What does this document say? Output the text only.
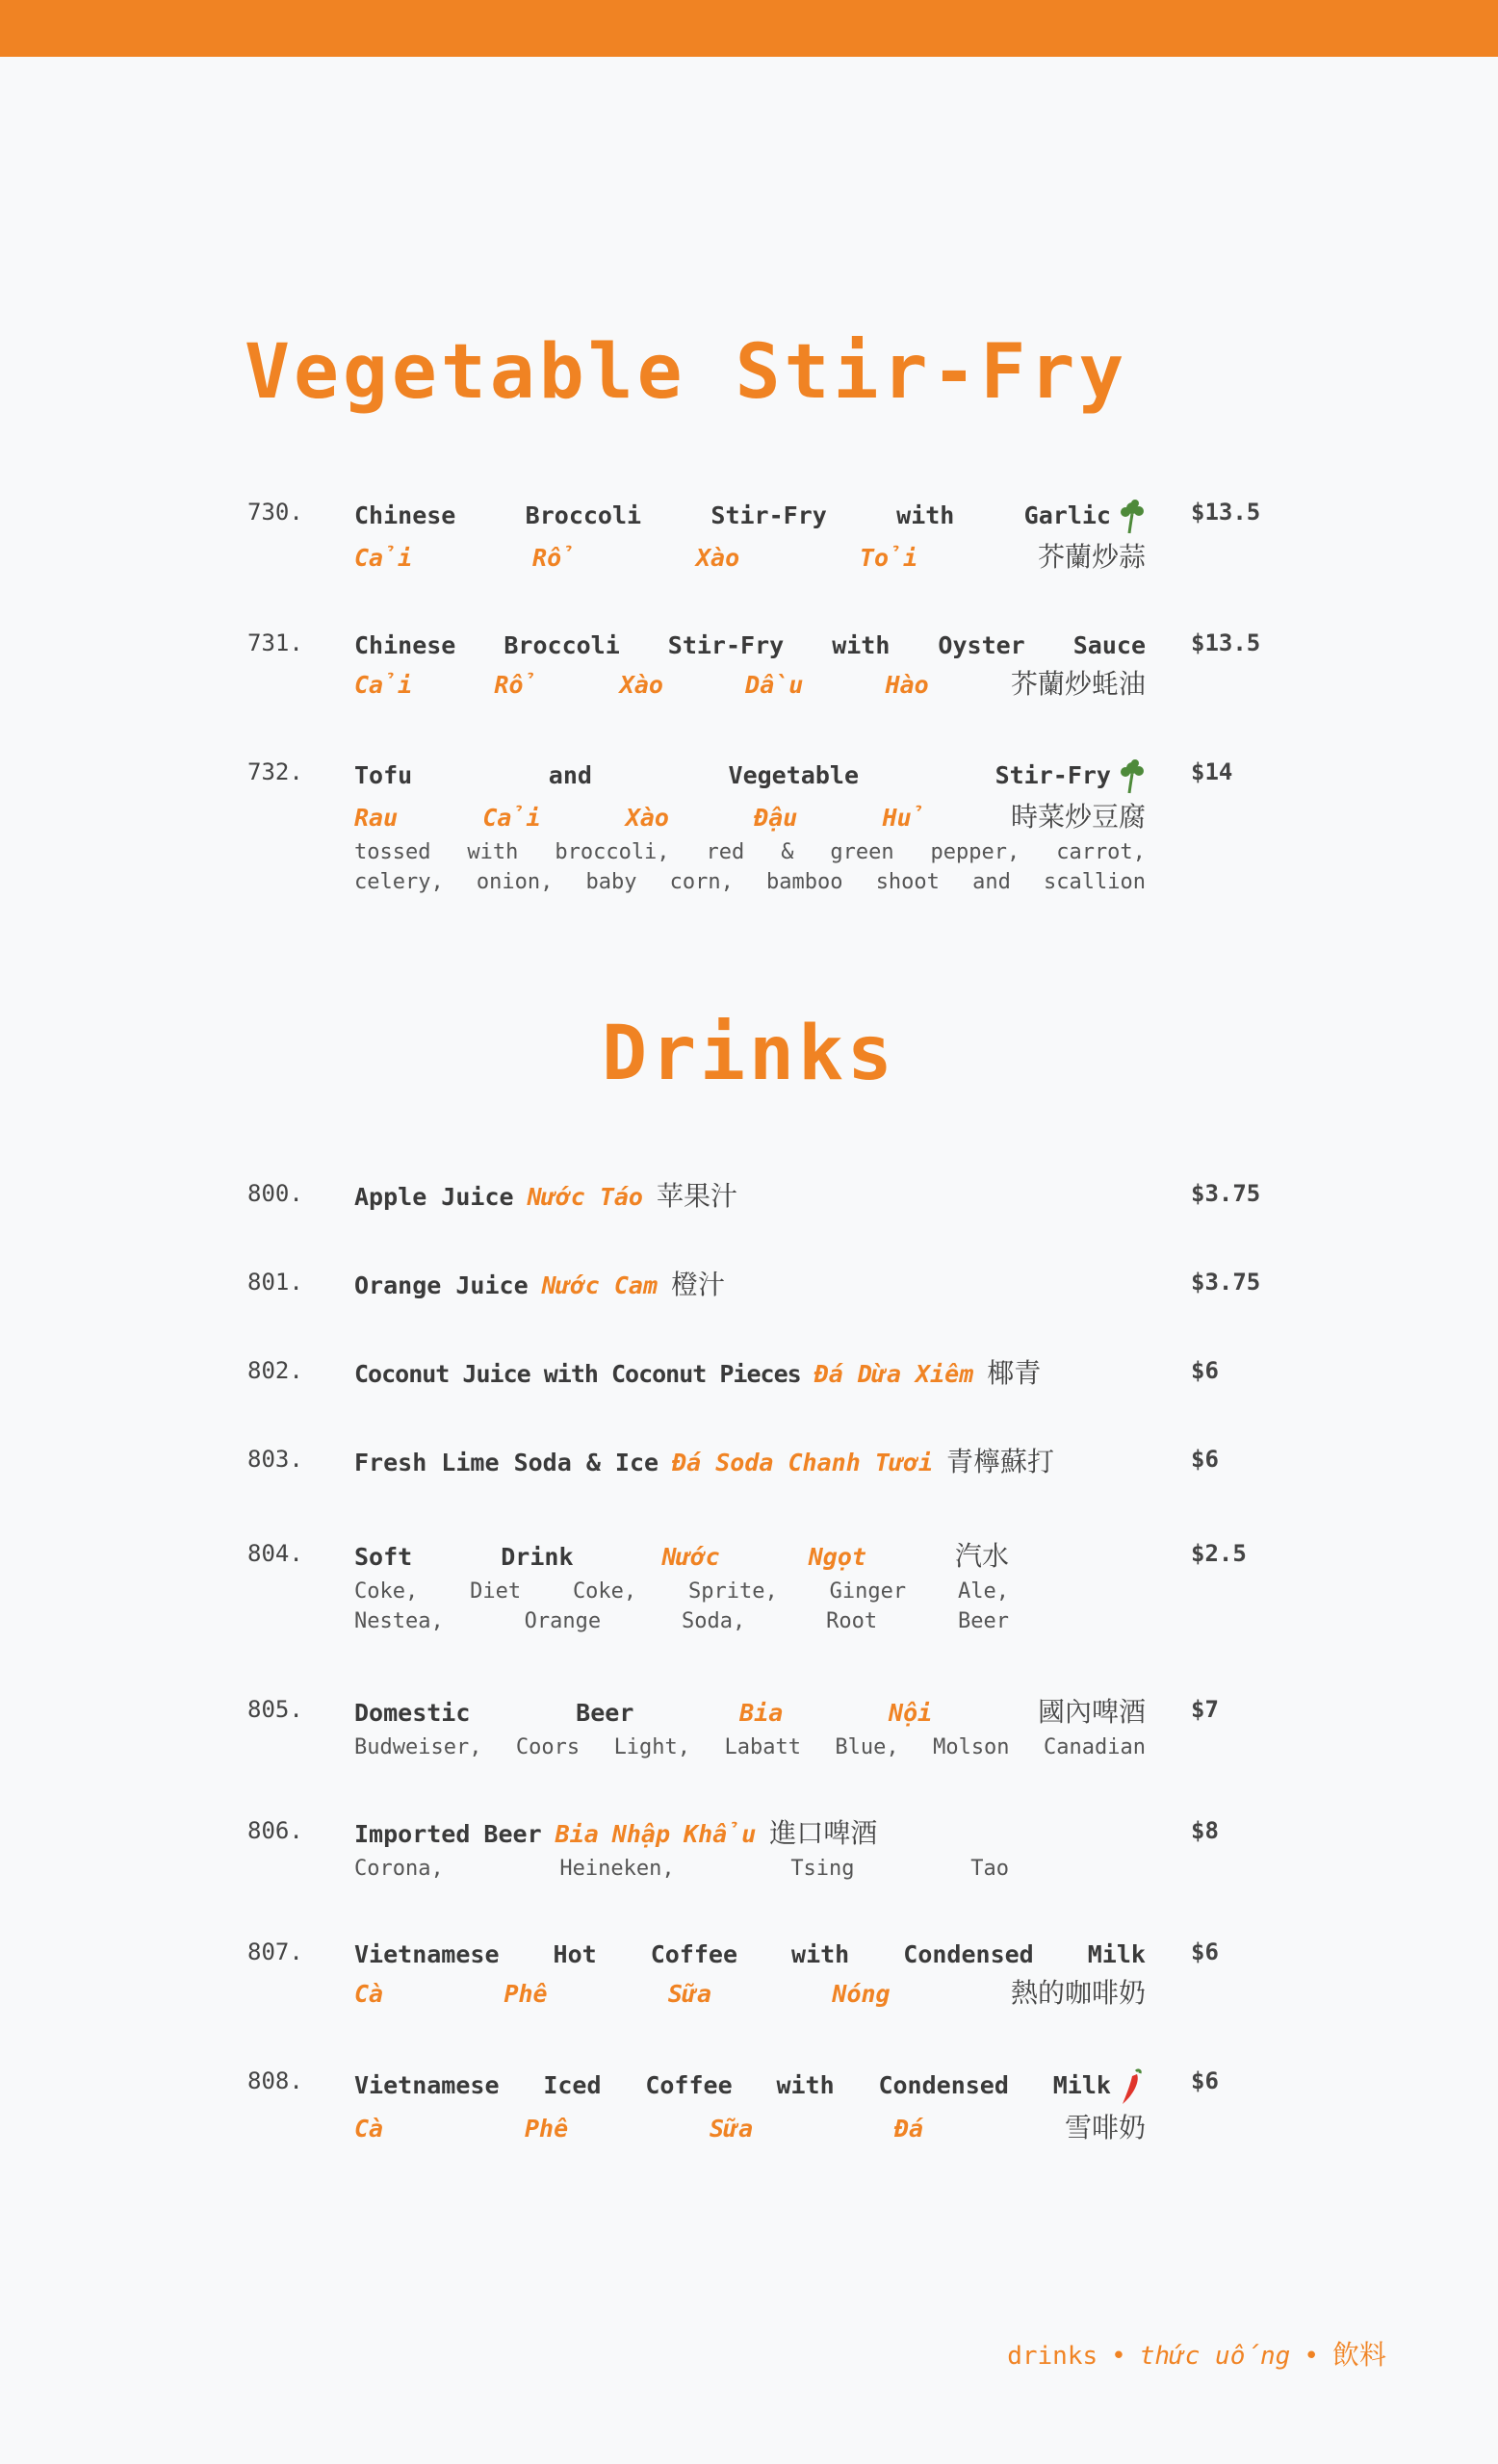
Vegetable Stir-Fry
730. Chinese	Broccoli	Stir-Fry	with	Garlic
Cải	Rổ	Xào	Tỏi	芥蘭炒蒜
$13.5
731. Chinese Broccoli Stir-Fry with Oyster Sauce
Cải	Rổ	Xào	Dầu	Hào	芥蘭炒蚝油
$13.5
732. Tofu	and	Vegetable	Stir-Fry
Rau	Cải	Xào	Đậu	Hủ	時菜炒豆腐
tossed with broccoli, red & green pepper, carrot,
celery, onion, baby corn, bamboo shoot and scallion
$14
Drinks
800. Apple Juice Nước Táo 苹果汁	$3.75
801. Orange Juice Nước Cam 橙汁	$3.75
802. Coconut Juice with Coconut Pieces Đá Dừa Xiêm 椰青	$6
803. Fresh Lime Soda & Ice Đá Soda Chanh Tươi 青檸蘇打	$6
804. Soft	Drink	Nước	Ngọt	汽水
Coke, Diet Coke, Sprite, Ginger Ale,
Nestea,	Orange	Soda,	Root	Beer
$2.5
805. Domestic	Beer	Bia	Nội	國內啤酒
Budweiser, Coors Light, Labatt Blue, Molson Canadian
$7
806. Imported Beer Bia Nhập Khẩu 進口啤酒
Corona,	Heineken,	Tsing	Tao
$8
807. Vietnamese Hot Coffee with Condensed Milk
Cà	Phê	Sữa	Nóng	熱的咖啡奶
$6
808. Vietnamese Iced Coffee with Condensed Milk
Cà	Phê	Sữa	Đá	雪啡奶
$6
drinks • thức uống • 飲料
